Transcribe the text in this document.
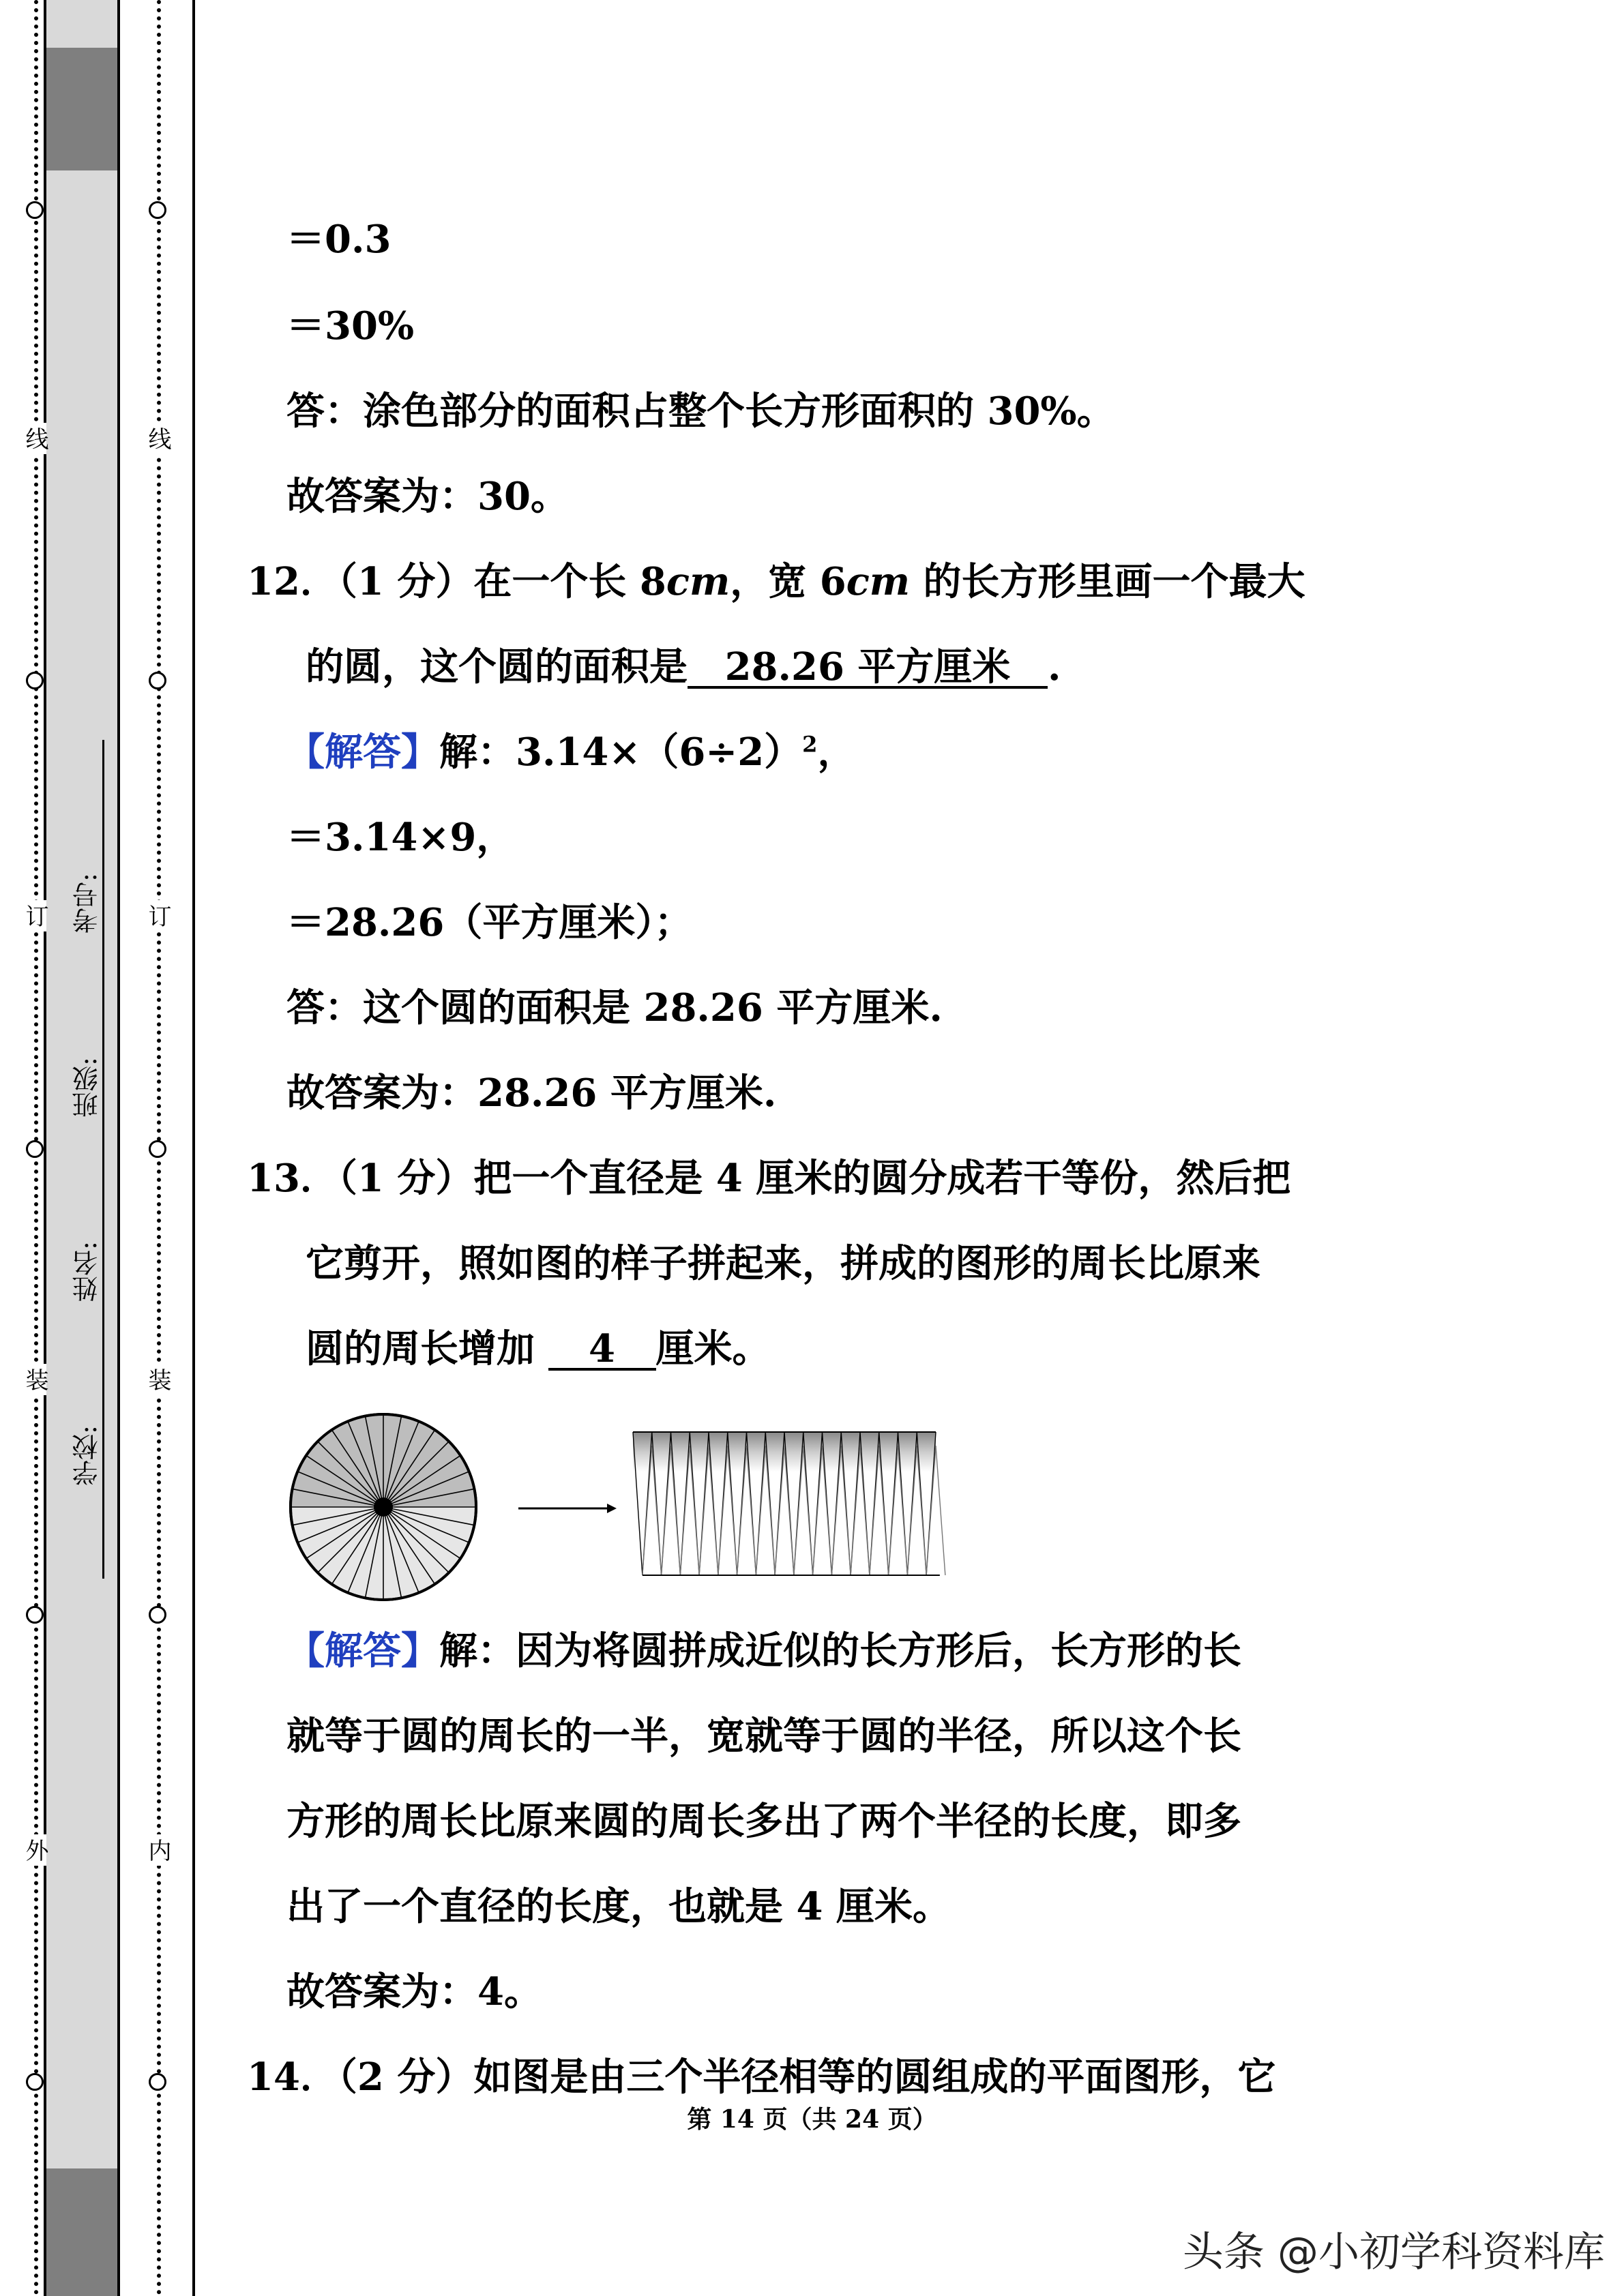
线
订
装
外
线
订
装
内
学校:
姓名:
班级:
考号:
＝0.3
＝30%
答：涂色部分的面积占整个长方形面积的 30%。
故答案为：30。
12．（1 分）在一个长 8cm，宽 6cm 的长方形里画一个最大
的圆，这个圆的面积是 28.26 平方厘米 .
【解答】解：$3.14\times(6\div 2)^2$，
＝3.14×9，
＝28.26（平方厘米）；
答：这个圆的面积是 28.26 平方厘米.
故答案为：28.26 平方厘米.
13．（1 分）把一个直径是 4 厘米的圆分成若干等份，然后把
它剪开，照如图的样子拼起来，拼成的图形的周长比原来
圆的周长增加 4 厘米。
【解答】解：因为将圆拼成近似的长方形后，长方形的长
就等于圆的周长的一半，宽就等于圆的半径，所以这个长
方形的周长比原来圆的周长多出了两个半径的长度，即多
出了一个直径的长度，也就是 4 厘米。
故答案为：4。
14．（2 分）如图是由三个半径相等的圆组成的平面图形，它
第 14 页（共 24 页）
头条 @小初学科资料库
